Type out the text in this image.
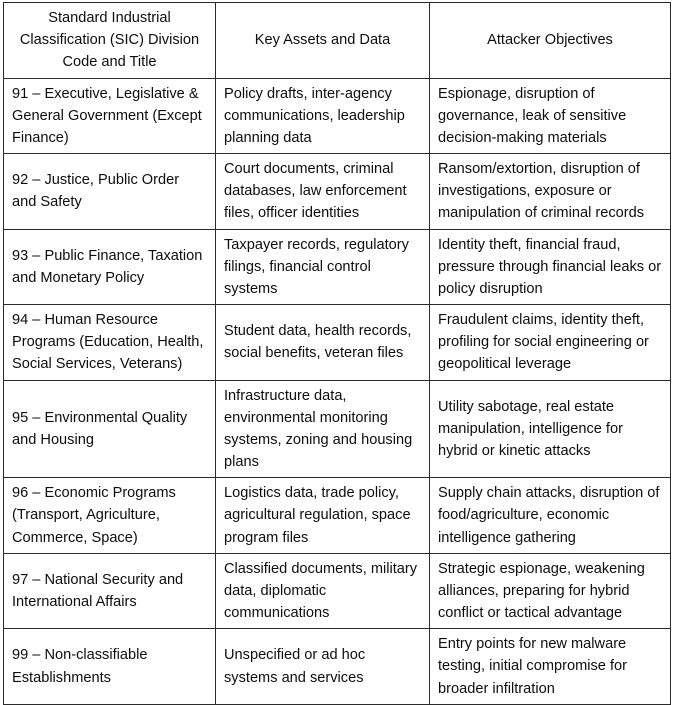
Standard Industrial Classification (SIC) Division Code and Title	Key Assets and Data	Attacker Objectives
91 – Executive, Legislative & General Government (Except Finance)	Policy drafts, inter-agency communications, leadership planning data	Espionage, disruption of governance, leak of sensitive decision-making materials
92 – Justice, Public Order and Safety	Court documents, criminal databases, law enforcement files, officer identities	Ransom/extortion, disruption of investigations, exposure or manipulation of criminal records
93 – Public Finance, Taxation and Monetary Policy	Taxpayer records, regulatory filings, financial control systems	Identity theft, financial fraud, pressure through financial leaks or policy disruption
94 – Human Resource Programs (Education, Health, Social Services, Veterans)	Student data, health records, social benefits, veteran files	Fraudulent claims, identity theft, profiling for social engineering or geopolitical leverage
95 – Environmental Quality and Housing	Infrastructure data, environmental monitoring systems, zoning and housing plans	Utility sabotage, real estate manipulation, intelligence for hybrid or kinetic attacks
96 – Economic Programs (Transport, Agriculture, Commerce, Space)	Logistics data, trade policy, agricultural regulation, space program files	Supply chain attacks, disruption of food/agriculture, economic intelligence gathering
97 – National Security and International Affairs	Classified documents, military data, diplomatic communications	Strategic espionage, weakening alliances, preparing for hybrid conflict or tactical advantage
99 – Non-classifiable Establishments	Unspecified or ad hoc systems and services	Entry points for new malware testing, initial compromise for broader infiltration
